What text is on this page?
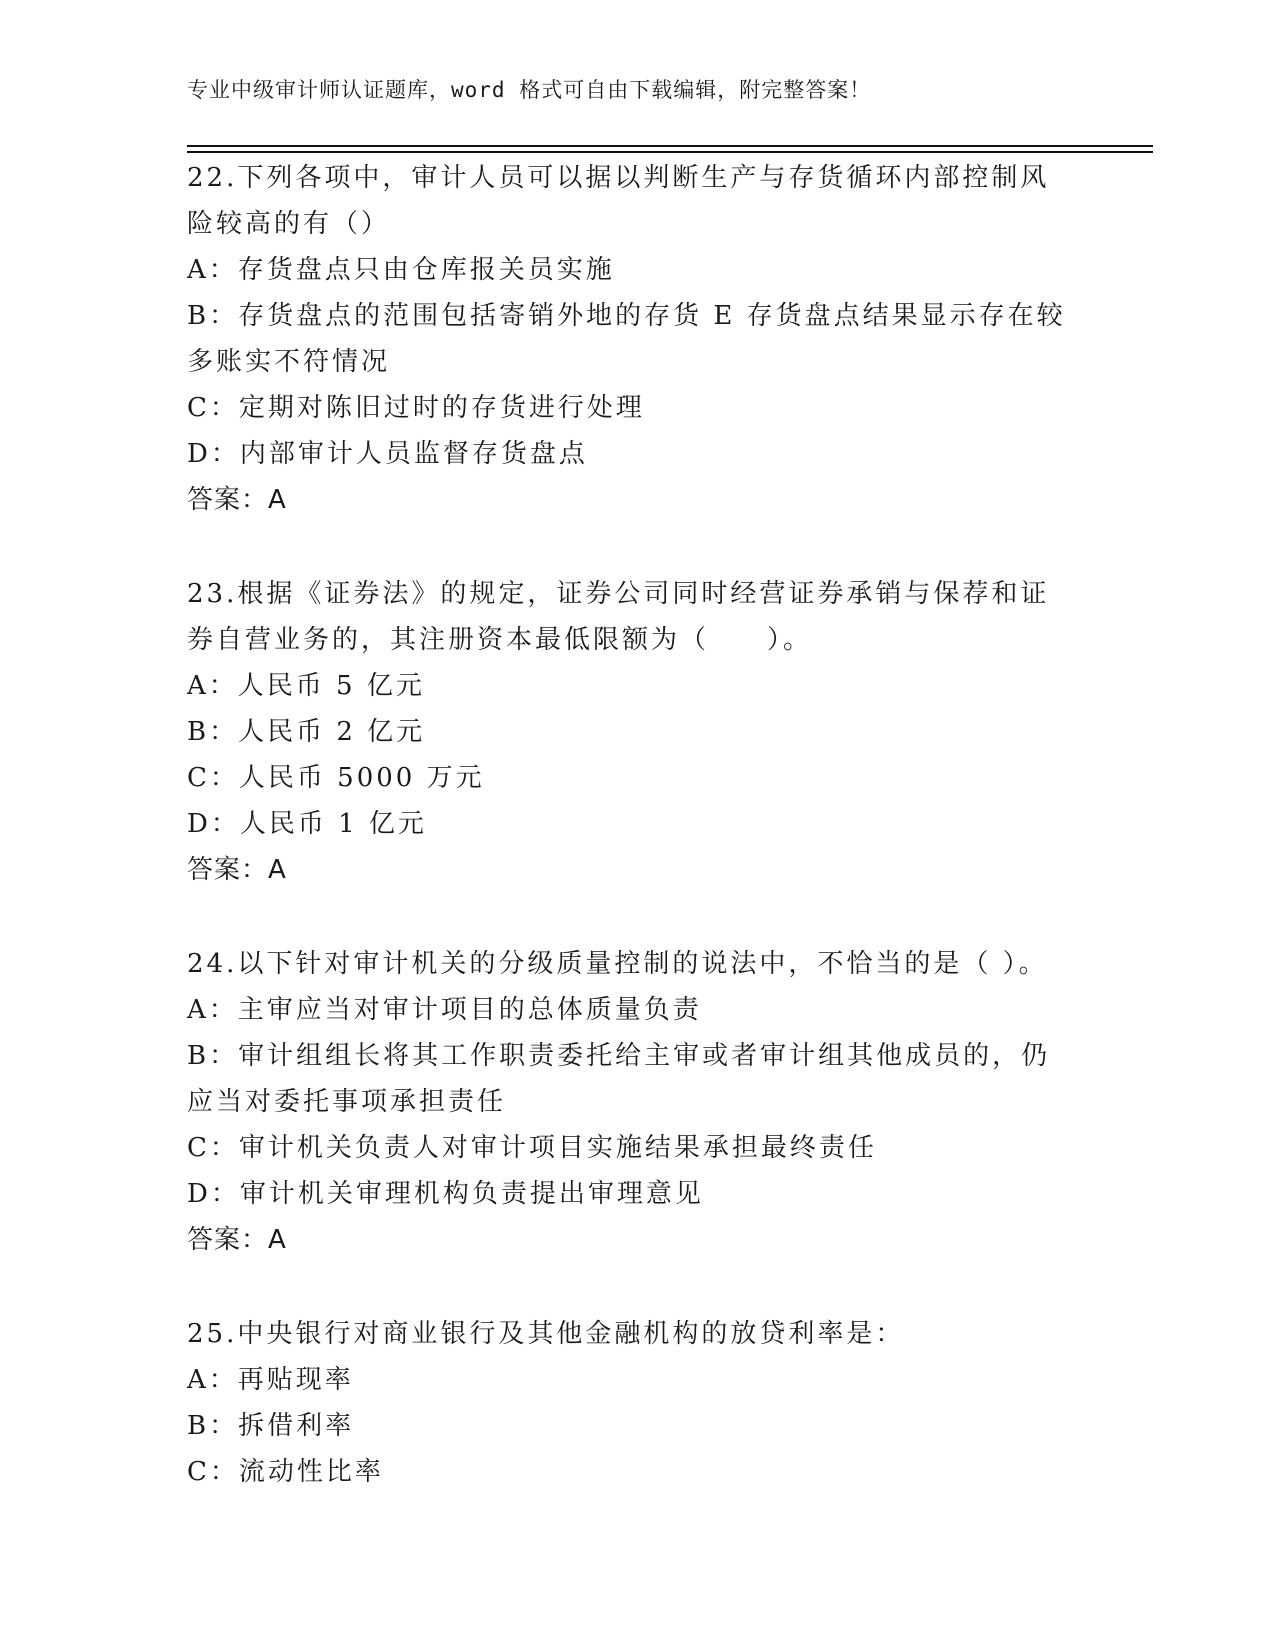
专业中级审计师认证题库，word 格式可自由下载编辑，附完整答案！
22.下列各项中，审计人员可以据以判断生产与存货循环内部控制风险较高的有（）
A：存货盘点只由仓库报关员实施
B：存货盘点的范围包括寄销外地的存货 E 存货盘点结果显示存在较多账实不符情况
C：定期对陈旧过时的存货进行处理
D：内部审计人员监督存货盘点
答案：A
23.根据《证券法》的规定，证券公司同时经营证券承销与保荐和证券自营业务的，其注册资本最低限额为（　　）。
A：人民币 5 亿元
B：人民币 2 亿元
C：人民币 5000 万元
D：人民币 1 亿元
答案：A
24.以下针对审计机关的分级质量控制的说法中，不恰当的是（ ）。
A：主审应当对审计项目的总体质量负责
B：审计组组长将其工作职责委托给主审或者审计组其他成员的，仍应当对委托事项承担责任
C：审计机关负责人对审计项目实施结果承担最终责任
D：审计机关审理机构负责提出审理意见
答案：A
25.中央银行对商业银行及其他金融机构的放贷利率是：
A：再贴现率
B：拆借利率
C：流动性比率
